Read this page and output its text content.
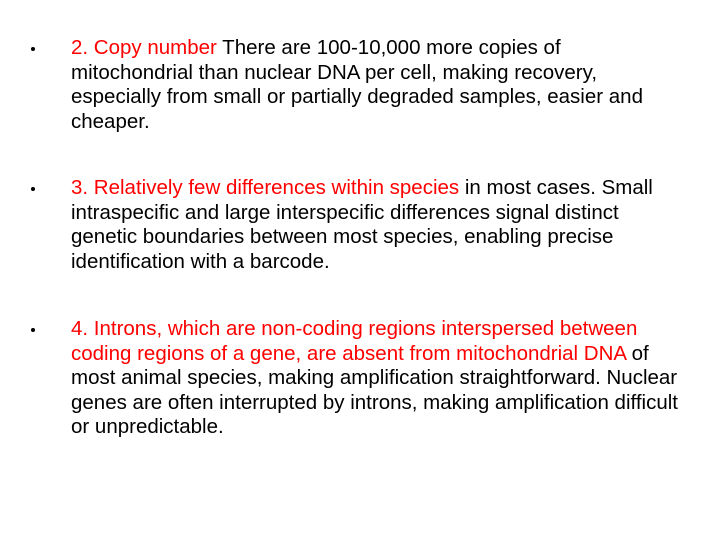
2. Copy number There are 100-10,000 more copies of mitochondrial than nuclear DNA per cell, making recovery, especially from small or partially degraded samples, easier and cheaper.

3. Relatively few differences within species in most cases. Small intraspecific and large interspecific differences signal distinct genetic boundaries between most species, enabling precise identification with a barcode.

4. Introns, which are non-coding regions interspersed between coding regions of a gene, are absent from mitochondrial DNA of most animal species, making amplification straightforward. Nuclear genes are often interrupted by introns, making amplification difficult or unpredictable.
